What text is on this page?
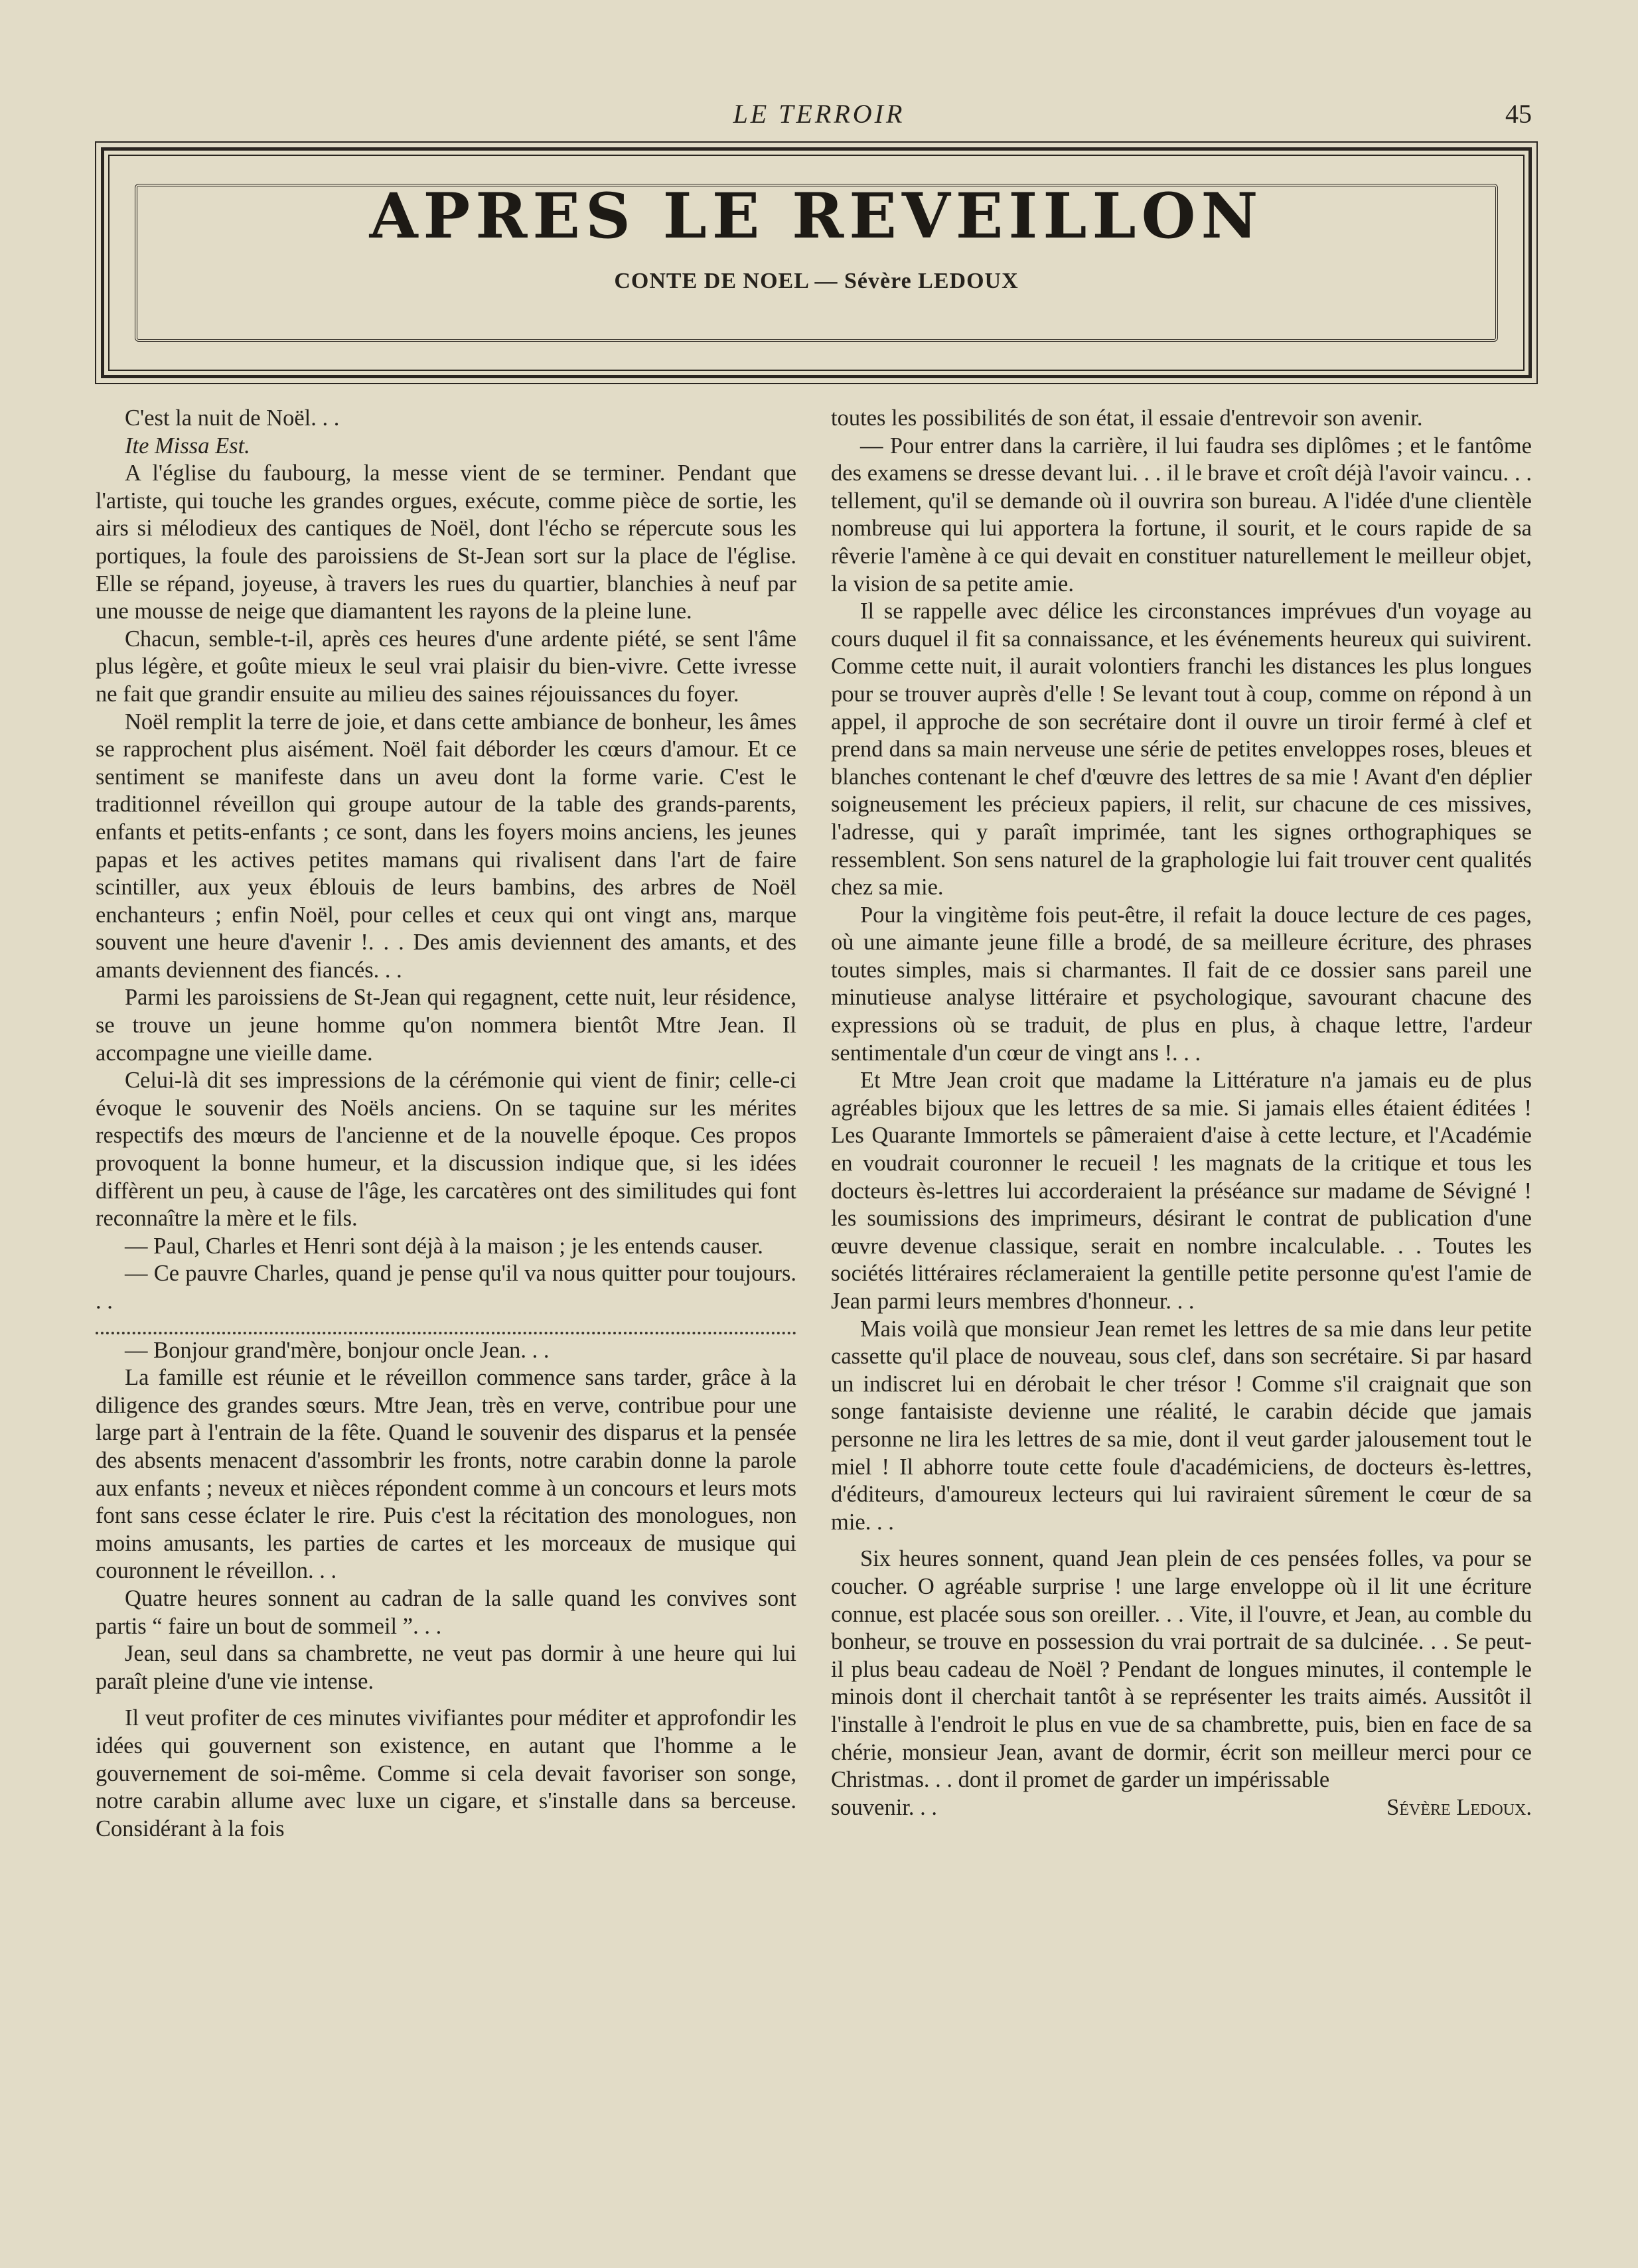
LE TERROIR	45
APRES LE REVEILLON
CONTE DE NOEL — Sévère LEDOUX

C'est la nuit de Noël. . .

Ite Missa Est.

A l'église du faubourg, la messe vient de se terminer. Pendant que l'artiste, qui touche les grandes orgues, exécute, comme pièce de sortie, les airs si mélodieux des cantiques de Noël, dont l'écho se répercute sous les portiques, la foule des paroissiens de St-Jean sort sur la place de l'église. Elle se répand, joyeuse, à travers les rues du quartier, blanchies à neuf par une mousse de neige que diamantent les rayons de la pleine lune.

Chacun, semble-t-il, après ces heures d'une ardente piété, se sent l'âme plus légère, et goûte mieux le seul vrai plaisir du bien-vivre. Cette ivresse ne fait que grandir ensuite au milieu des saines réjouissances du foyer.

Noël remplit la terre de joie, et dans cette ambiance de bonheur, les âmes se rapprochent plus aisément. Noël fait déborder les cœurs d'amour. Et ce sentiment se manifeste dans un aveu dont la forme varie. C'est le traditionnel réveillon qui groupe autour de la table des grands-parents, enfants et petits-enfants ; ce sont, dans les foyers moins anciens, les jeunes papas et les actives petites mamans qui rivalisent dans l'art de faire scintiller, aux yeux éblouis de leurs bambins, des arbres de Noël enchanteurs ; enfin Noël, pour celles et ceux qui ont vingt ans, marque souvent une heure d'avenir !. . . Des amis deviennent des amants, et des amants deviennent des fiancés. . .

Parmi les paroissiens de St-Jean qui regagnent, cette nuit, leur résidence, se trouve un jeune homme qu'on nommera bientôt Mtre Jean. Il accompagne une vieille dame.

Celui-là dit ses impressions de la cérémonie qui vient de finir; celle-ci évoque le souvenir des Noëls anciens. On se taquine sur les mérites respectifs des mœurs de l'ancienne et de la nouvelle époque. Ces propos provoquent la bonne humeur, et la discussion indique que, si les idées diffèrent un peu, à cause de l'âge, les carcatères ont des similitudes qui font reconnaître la mère et le fils.

— Paul, Charles et Henri sont déjà à la maison ; je les entends causer.

— Ce pauvre Charles, quand je pense qu'il va nous quitter pour toujours. . .

— Bonjour grand'mère, bonjour oncle Jean. . .

La famille est réunie et le réveillon commence sans tarder, grâce à la diligence des grandes sœurs. Mtre Jean, très en verve, contribue pour une large part à l'entrain de la fête. Quand le souvenir des disparus et la pensée des absents menacent d'assombrir les fronts, notre carabin donne la parole aux enfants ; neveux et nièces répondent comme à un concours et leurs mots font sans cesse éclater le rire. Puis c'est la récitation des monologues, non moins amusants, les parties de cartes et les morceaux de musique qui couronnent le réveillon. . .

Quatre heures sonnent au cadran de la salle quand les convives sont partis “ faire un bout de sommeil ”. . .

Jean, seul dans sa chambrette, ne veut pas dormir à une heure qui lui paraît pleine d'une vie intense.

Il veut profiter de ces minutes vivifiantes pour méditer et approfondir les idées qui gouvernent son existence, en autant que l'homme a le gouvernement de soi-même. Comme si cela devait favoriser son songe, notre carabin allume avec luxe un cigare, et s'installe dans sa berceuse. Considérant à la fois

toutes les possibilités de son état, il essaie d'entrevoir son avenir.

— Pour entrer dans la carrière, il lui faudra ses diplômes ; et le fantôme des examens se dresse devant lui. . . il le brave et croît déjà l'avoir vaincu. . . tellement, qu'il se demande où il ouvrira son bureau. A l'idée d'une clientèle nombreuse qui lui apportera la fortune, il sourit, et le cours rapide de sa rêverie l'amène à ce qui devait en constituer naturellement le meilleur objet, la vision de sa petite amie.

Il se rappelle avec délice les circonstances imprévues d'un voyage au cours duquel il fit sa connaissance, et les événements heureux qui suivirent. Comme cette nuit, il aurait volontiers franchi les distances les plus longues pour se trouver auprès d'elle ! Se levant tout à coup, comme on répond à un appel, il approche de son secrétaire dont il ouvre un tiroir fermé à clef et prend dans sa main nerveuse une série de petites enveloppes roses, bleues et blanches contenant le chef d'œuvre des lettres de sa mie ! Avant d'en déplier soigneusement les précieux papiers, il relit, sur chacune de ces missives, l'adresse, qui y paraît imprimée, tant les signes orthographiques se ressemblent. Son sens naturel de la graphologie lui fait trouver cent qualités chez sa mie.

Pour la vingitème fois peut-être, il refait la douce lecture de ces pages, où une aimante jeune fille a brodé, de sa meilleure écriture, des phrases toutes simples, mais si charmantes. Il fait de ce dossier sans pareil une minutieuse analyse littéraire et psychologique, savourant chacune des expressions où se traduit, de plus en plus, à chaque lettre, l'ardeur sentimentale d'un cœur de vingt ans !. . .

Et Mtre Jean croit que madame la Littérature n'a jamais eu de plus agréables bijoux que les lettres de sa mie. Si jamais elles étaient éditées ! Les Quarante Immortels se pâmeraient d'aise à cette lecture, et l'Académie en voudrait couronner le recueil ! les magnats de la critique et tous les docteurs ès-lettres lui accorderaient la préséance sur madame de Sévigné ! les soumissions des imprimeurs, désirant le contrat de publication d'une œuvre devenue classique, serait en nombre incalculable. . . Toutes les sociétés littéraires réclameraient la gentille petite personne qu'est l'amie de Jean parmi leurs membres d'honneur. . .

Mais voilà que monsieur Jean remet les lettres de sa mie dans leur petite cassette qu'il place de nouveau, sous clef, dans son secrétaire. Si par hasard un indiscret lui en dérobait le cher trésor ! Comme s'il craignait que son songe fantaisiste devienne une réalité, le carabin décide que jamais personne ne lira les lettres de sa mie, dont il veut garder jalousement tout le miel ! Il abhorre toute cette foule d'académiciens, de docteurs ès-lettres, d'éditeurs, d'amoureux lecteurs qui lui raviraient sûrement le cœur de sa mie. . .

Six heures sonnent, quand Jean plein de ces pensées folles, va pour se coucher. O agréable surprise ! une large enveloppe où il lit une écriture connue, est placée sous son oreiller. . . Vite, il l'ouvre, et Jean, au comble du bonheur, se trouve en possession du vrai portrait de sa dulcinée. . . Se peut-il plus beau cadeau de Noël ? Pendant de longues minutes, il contemple le minois dont il cherchait tantôt à se représenter les traits aimés. Aussitôt il l'installe à l'endroit le plus en vue de sa chambrette, puis, bien en face de sa chérie, monsieur Jean, avant de dormir, écrit son meilleur merci pour ce Christmas. . . dont il promet de garder un impérissable

souvenir. . .	Sévère Ledoux.
